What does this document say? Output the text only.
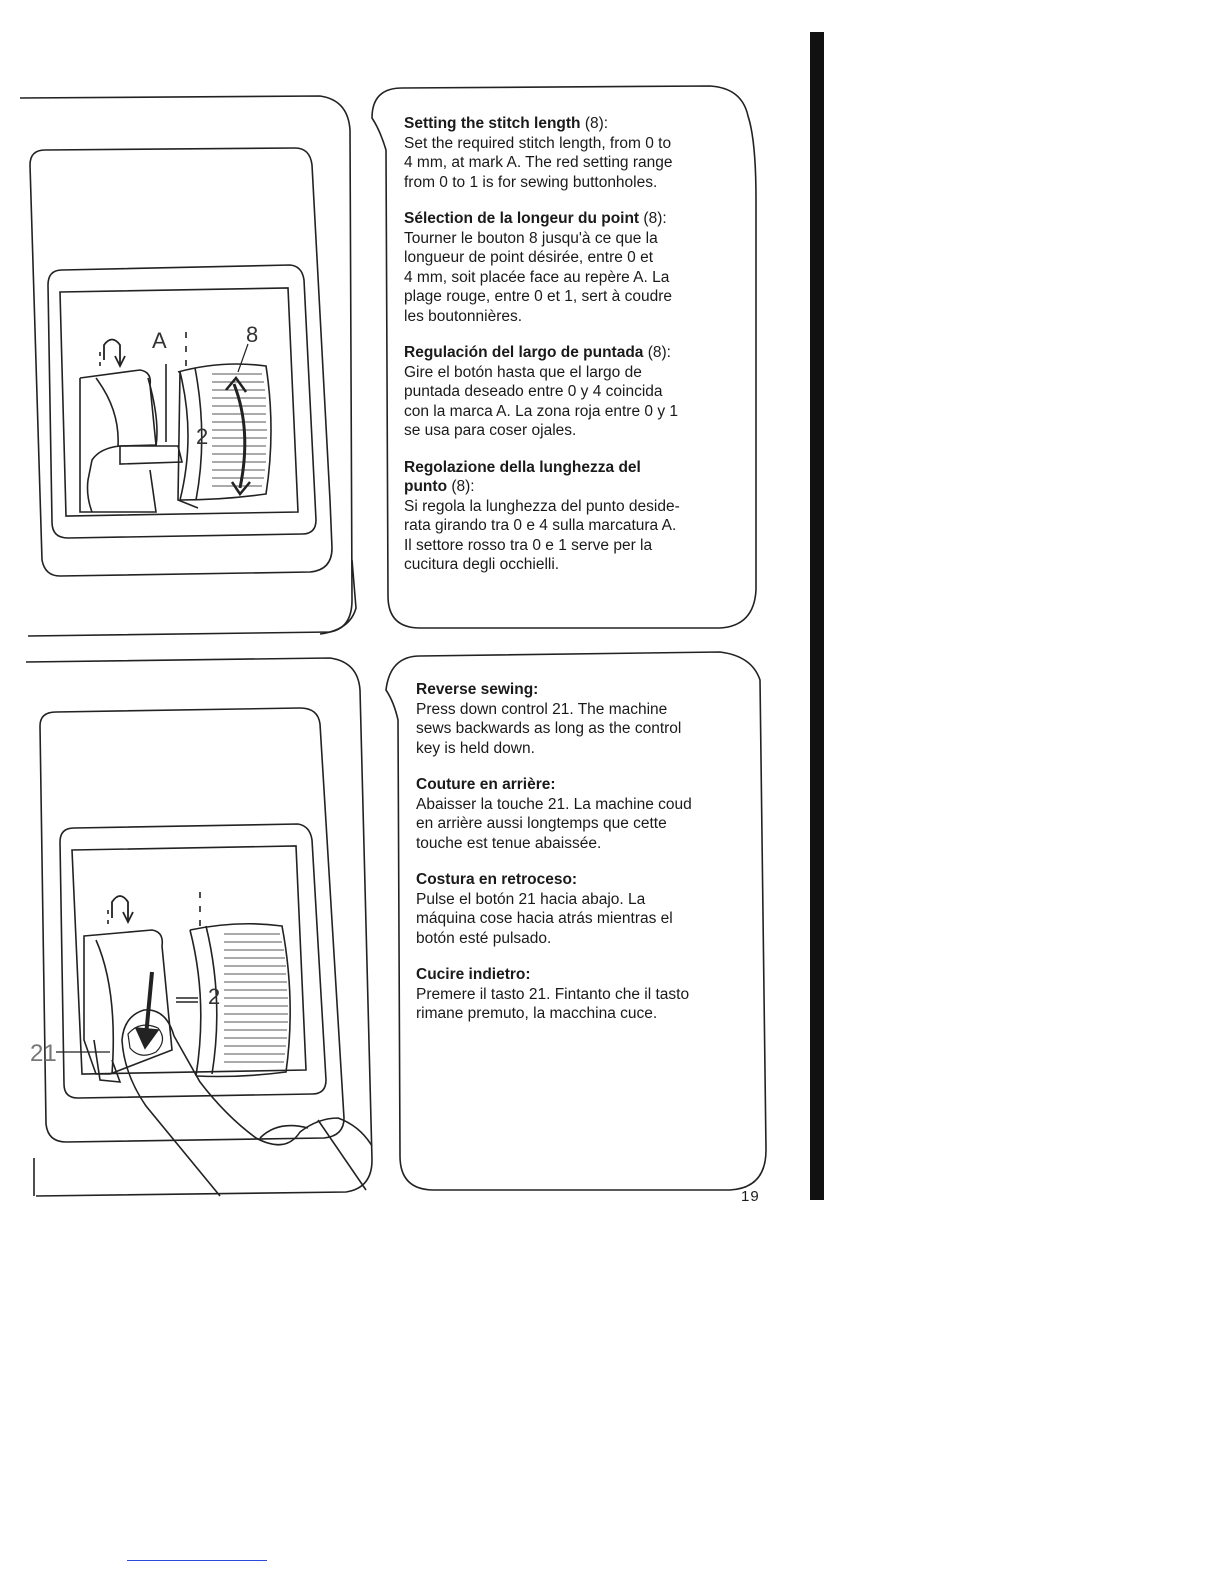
A	8
2
2
21
Setting the stitch length (8):

Set the required stitch length, from 0 to
4 mm, at mark A. The red setting range
from 0 to 1 is for sewing buttonholes.

Sélection de la longeur du point (8):

Tourner le bouton 8 jusqu'à ce que la
longueur de point désirée, entre 0 et
4 mm, soit placée face au repère A. La
plage rouge, entre 0 et 1, sert à coudre
les boutonnières.

Regulación del largo de puntada (8):

Gire el botón hasta que el largo de
puntada deseado entre 0 y 4 coincida
con la marca A. La zona roja entre 0 y 1
se usa para coser ojales.

Regolazione della lunghezza del
punto (8):

Si regola la lunghezza del punto deside-
rata girando tra 0 e 4 sulla marcatura A.
Il settore rosso tra 0 e 1 serve per la
cucitura degli occhielli.

Reverse sewing:

Press down control 21. The machine
sews backwards as long as the control
key is held down.

Couture en arrière:

Abaisser la touche 21. La machine coud
en arrière aussi longtemps que cette
touche est tenue abaissée.

Costura en retroceso:

Pulse el botón 21 hacia abajo. La
máquina cose hacia atrás mientras el
botón esté pulsado.

Cucire indietro:

Premere il tasto 21. Fintanto che il tasto
rimane premuto, la macchina cuce.

19
